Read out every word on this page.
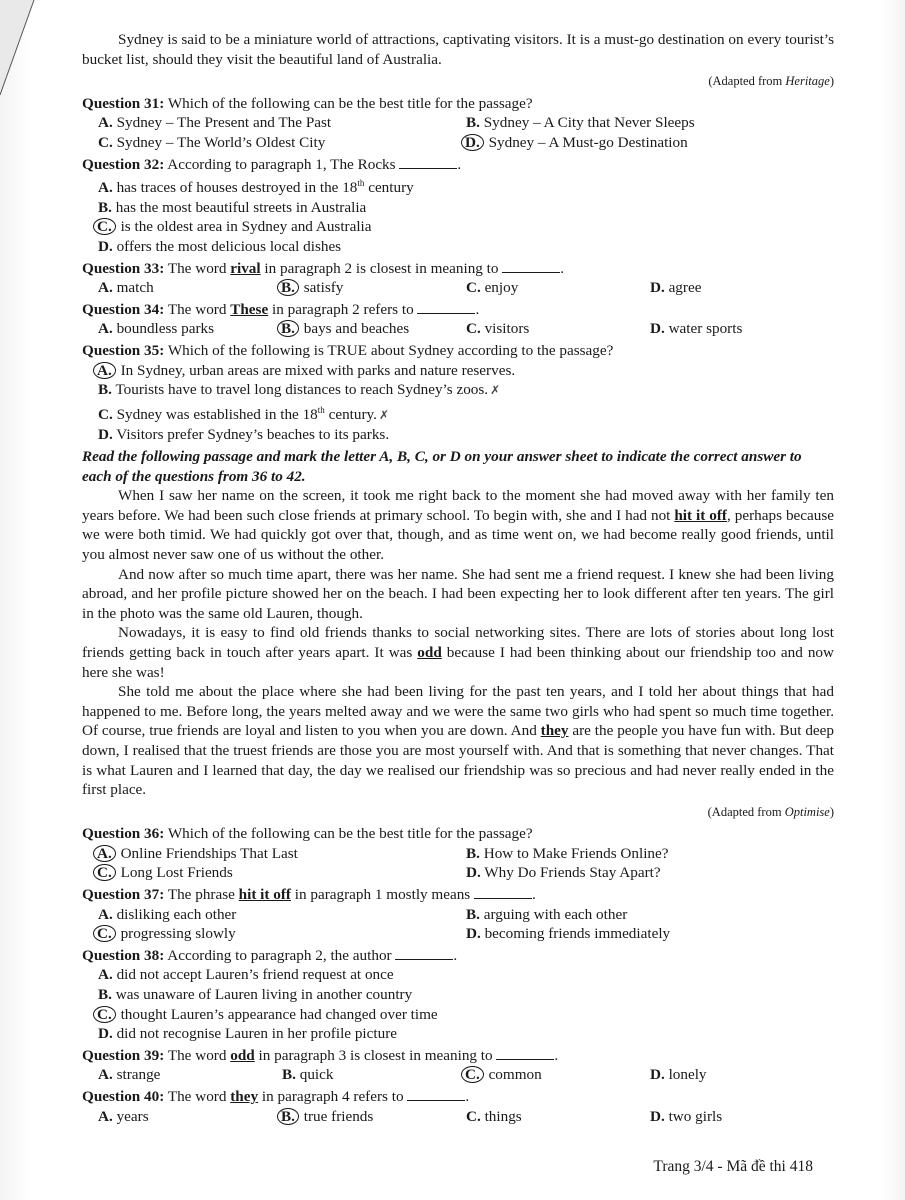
Sydney is said to be a miniature world of attractions, captivating visitors. It is a must-go destination on every tourist’s bucket list, should they visit the beautiful land of Australia.

(Adapted from Heritage)
Question 31: Which of the following can be the best title for the passage?
A. Sydney – The Present and The Past	B. Sydney – A City that Never Sleeps
C. Sydney – The World’s Oldest City	D. Sydney – A Must-go Destination
Question 32: According to paragraph 1, The Rocks	.
A. has traces of houses destroyed in the 18th century
B. has the most beautiful streets in Australia
C. is the oldest area in Sydney and Australia
D. offers the most delicious local dishes
Question 33: The word rival in paragraph 2 is closest in meaning to	.
A. match	B. satisfy	C. enjoy	D. agree
Question 34: The word These in paragraph 2 refers to	.
A. boundless parks	B. bays and beaches	C. visitors	D. water sports
Question 35: Which of the following is TRUE about Sydney according to the passage?
A. In Sydney, urban areas are mixed with parks and nature reserves.
B. Tourists have to travel long distances to reach Sydney’s zoos. ✗
C. Sydney was established in the 18th century. ✗
D. Visitors prefer Sydney’s beaches to its parks.
Read the following passage and mark the letter A, B, C, or D on your answer sheet to indicate the correct answer to each of the questions from 36 to 42.

When I saw her name on the screen, it took me right back to the moment she had moved away with her family ten years before. We had been such close friends at primary school. To begin with, she and I had not hit it off, perhaps because we were both timid. We had quickly got over that, though, and as time went on, we had become really good friends, until you almost never saw one of us without the other.

And now after so much time apart, there was her name. She had sent me a friend request. I knew she had been living abroad, and her profile picture showed her on the beach. I had been expecting her to look different after ten years. The girl in the photo was the same old Lauren, though.

Nowadays, it is easy to find old friends thanks to social networking sites. There are lots of stories about long lost friends getting back in touch after years apart. It was odd because I had been thinking about our friendship too and now here she was!

She told me about the place where she had been living for the past ten years, and I told her about things that had happened to me. Before long, the years melted away and we were the same two girls who had spent so much time together. Of course, true friends are loyal and listen to you when you are down. And they are the people you have fun with. But deep down, I realised that the truest friends are those you are most yourself with. And that is something that never changes. That is what Lauren and I learned that day, the day we realised our friendship was so precious and had never really ended in the first place.

(Adapted from Optimise)
Question 36: Which of the following can be the best title for the passage?
A. Online Friendships That Last	B. How to Make Friends Online?
C. Long Lost Friends	D. Why Do Friends Stay Apart?
Question 37: The phrase hit it off in paragraph 1 mostly means	.
A. disliking each other	B. arguing with each other
C. progressing slowly	D. becoming friends immediately
Question 38: According to paragraph 2, the author	.
A. did not accept Lauren’s friend request at once
B. was unaware of Lauren living in another country
C. thought Lauren’s appearance had changed over time
D. did not recognise Lauren in her profile picture
Question 39: The word odd in paragraph 3 is closest in meaning to	.
A. strange	B. quick	C. common	D. lonely
Question 40: The word they in paragraph 4 refers to	.
A. years	B. true friends	C. things	D. two girls
Trang 3/4 - Mã đề thi 418
